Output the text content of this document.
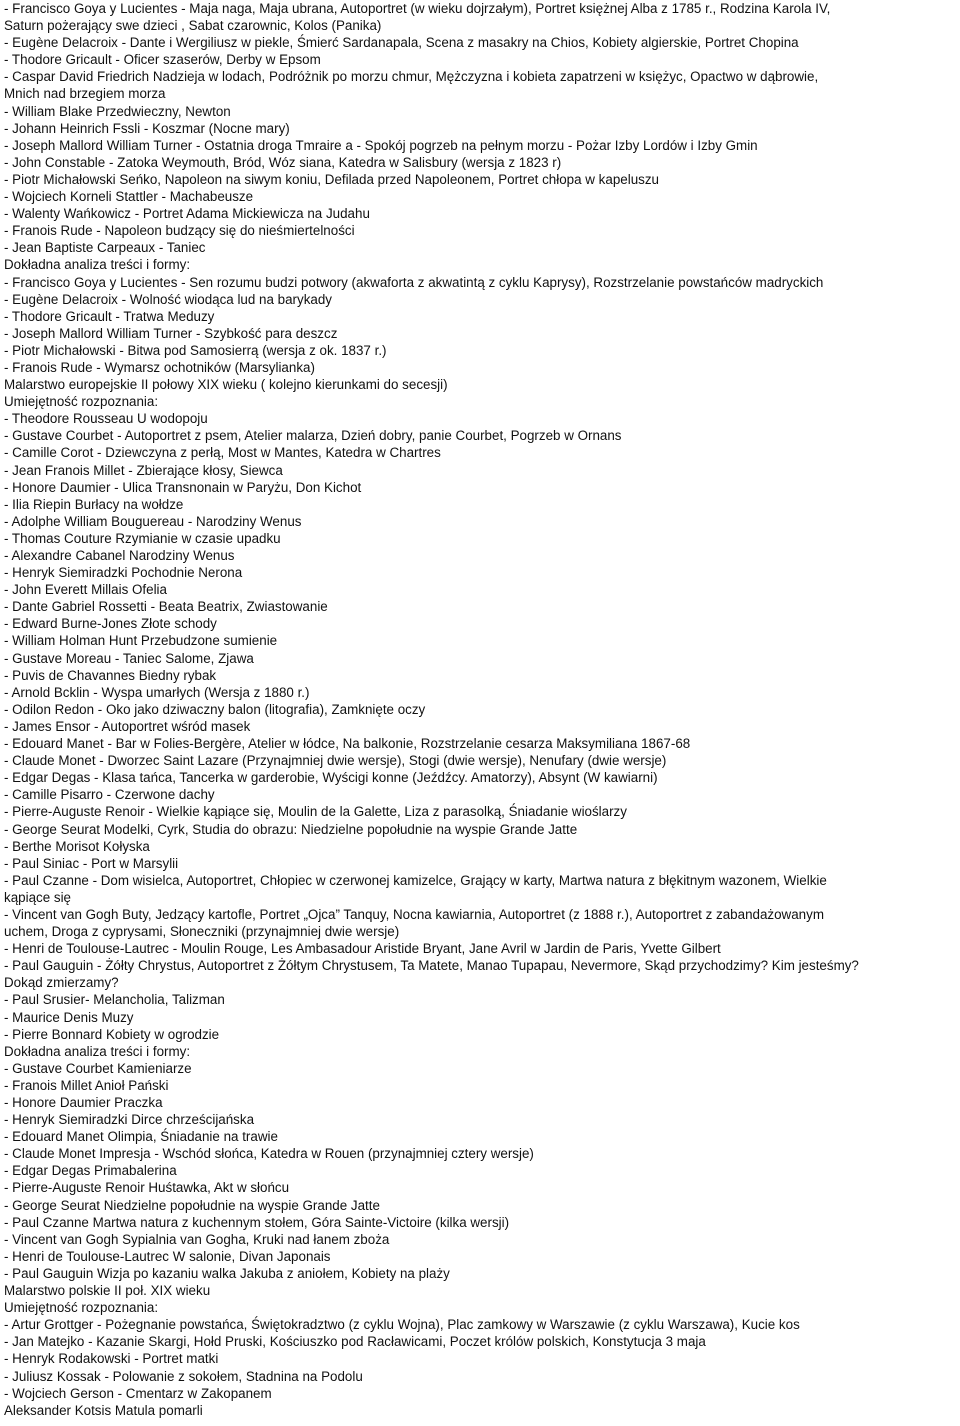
- Francisco Goya y Lucientes - Maja naga, Maja ubrana, Autoportret (w wieku dojrzałym), Portret księżnej Alba z 1785 r., Rodzina Karola IV,
Saturn pożerający swe dzieci , Sabat czarownic, Kolos (Panika)
- Eugène Delacroix - Dante i Wergiliusz w piekle, Śmierć Sardanapala, Scena z masakry na Chios, Kobiety algierskie, Portret Chopina
- Thodore Gricault - Oficer szaserów, Derby w Epsom
- Caspar David Friedrich Nadzieja w lodach, Podróżnik po morzu chmur, Mężczyzna i kobieta zapatrzeni w księżyc, Opactwo w dąbrowie,
Mnich nad brzegiem morza
- William Blake Przedwieczny, Newton
- Johann Heinrich Fssli - Koszmar (Nocne mary)
- Joseph Mallord William Turner - Ostatnia droga Tmraire a - Spokój pogrzeb na pełnym morzu - Pożar Izby Lordów i Izby Gmin
- John Constable - Zatoka Weymouth, Bród, Wóz siana, Katedra w Salisbury (wersja z 1823 r)
- Piotr Michałowski Seńko, Napoleon na siwym koniu, Defilada przed Napoleonem, Portret chłopa w kapeluszu
- Wojciech Korneli Stattler - Machabeusze
- Walenty Wańkowicz - Portret Adama Mickiewicza na Judahu
- Franois Rude - Napoleon budzący się do nieśmiertelności
- Jean Baptiste Carpeaux - Taniec
Dokładna analiza treści i formy:
- Francisco Goya y Lucientes - Sen rozumu budzi potwory (akwaforta z akwatintą z cyklu Kaprysy), Rozstrzelanie powstańców madryckich
- Eugène Delacroix - Wolność wiodąca lud na barykady
- Thodore Gricault - Tratwa Meduzy
- Joseph Mallord William Turner - Szybkość para deszcz
- Piotr Michałowski - Bitwa pod Samosierrą (wersja z ok. 1837 r.)
- Franois Rude - Wymarsz ochotników (Marsylianka)
Malarstwo europejskie II połowy XIX wieku ( kolejno kierunkami do secesji)
Umiejętność rozpoznania:
- Theodore Rousseau U wodopoju
- Gustave Courbet - Autoportret z psem, Atelier malarza, Dzień dobry, panie Courbet, Pogrzeb w Ornans
- Camille Corot - Dziewczyna z perłą, Most w Mantes, Katedra w Chartres
- Jean Franois Millet - Zbierające kłosy, Siewca
- Honore Daumier - Ulica Transnonain w Paryżu, Don Kichot
- Ilia Riepin Burłacy na wołdze
- Adolphe William Bouguereau - Narodziny Wenus
- Thomas Couture Rzymianie w czasie upadku
- Alexandre Cabanel Narodziny Wenus
- Henryk Siemiradzki Pochodnie Nerona
- John Everett Millais Ofelia
- Dante Gabriel Rossetti - Beata Beatrix, Zwiastowanie
- Edward Burne-Jones Złote schody
- William Holman Hunt Przebudzone sumienie
- Gustave Moreau - Taniec Salome, Zjawa
- Puvis de Chavannes Biedny rybak
- Arnold Bcklin - Wyspa umarłych (Wersja z 1880 r.)
- Odilon Redon - Oko jako dziwaczny balon (litografia), Zamknięte oczy
- James Ensor - Autoportret wśród masek
- Edouard Manet - Bar w Folies-Bergère, Atelier w łódce, Na balkonie, Rozstrzelanie cesarza Maksymiliana 1867-68
- Claude Monet - Dworzec Saint Lazare (Przynajmniej dwie wersje), Stogi (dwie wersje), Nenufary (dwie wersje)
- Edgar Degas - Klasa tańca, Tancerka w garderobie, Wyścigi konne (Jeźdźcy. Amatorzy), Absynt (W kawiarni)
- Camille Pisarro - Czerwone dachy
- Pierre-Auguste Renoir - Wielkie kąpiące się, Moulin de la Galette, Liza z parasolką, Śniadanie wioślarzy
- George Seurat Modelki, Cyrk, Studia do obrazu: Niedzielne popołudnie na wyspie Grande Jatte
- Berthe Morisot Kołyska
- Paul Siniac - Port w Marsylii
- Paul Czanne - Dom wisielca, Autoportret, Chłopiec w czerwonej kamizelce, Grający w karty, Martwa natura z błękitnym wazonem, Wielkie
kąpiące się
- Vincent van Gogh Buty, Jedzący kartofle, Portret „Ojca” Tanquy, Nocna kawiarnia, Autoportret (z 1888 r.), Autoportret z zabandażowanym
uchem, Droga z cyprysami, Słoneczniki (przynajmniej dwie wersje)
- Henri de Toulouse-Lautrec - Moulin Rouge, Les Ambasadour Aristide Bryant, Jane Avril w Jardin de Paris, Yvette Gilbert
- Paul Gauguin - Żółty Chrystus, Autoportret z Żółtym Chrystusem, Ta Matete, Manao Tupapau, Nevermore, Skąd przychodzimy? Kim jesteśmy?
Dokąd zmierzamy?
- Paul Srusier- Melancholia, Talizman
- Maurice Denis Muzy
- Pierre Bonnard Kobiety w ogrodzie
Dokładna analiza treści i formy:
- Gustave Courbet Kamieniarze
- Franois Millet Anioł Pański
- Honore Daumier Praczka
- Henryk Siemiradzki Dirce chrześcijańska
- Edouard Manet Olimpia, Śniadanie na trawie
- Claude Monet Impresja - Wschód słońca, Katedra w Rouen (przynajmniej cztery wersje)
- Edgar Degas Primabalerina
- Pierre-Auguste Renoir Huśtawka, Akt w słońcu
- George Seurat Niedzielne popołudnie na wyspie Grande Jatte
- Paul Czanne Martwa natura z kuchennym stołem, Góra Sainte-Victoire (kilka wersji)
- Vincent van Gogh Sypialnia van Gogha, Kruki nad łanem zboża
- Henri de Toulouse-Lautrec W salonie, Divan Japonais
- Paul Gauguin Wizja po kazaniu walka Jakuba z aniołem, Kobiety na plaży
Malarstwo polskie II poł. XIX wieku
Umiejętność rozpoznania:
- Artur Grottger - Pożegnanie powstańca, Świętokradztwo (z cyklu Wojna), Plac zamkowy w Warszawie (z cyklu Warszawa), Kucie kos
- Jan Matejko - Kazanie Skargi, Hołd Pruski, Kościuszko pod Racławicami, Poczet królów polskich, Konstytucja 3 maja
- Henryk Rodakowski - Portret matki
- Juliusz Kossak - Polowanie z sokołem, Stadnina na Podolu
- Wojciech Gerson - Cmentarz w Zakopanem
Aleksander Kotsis Matula pomarli
